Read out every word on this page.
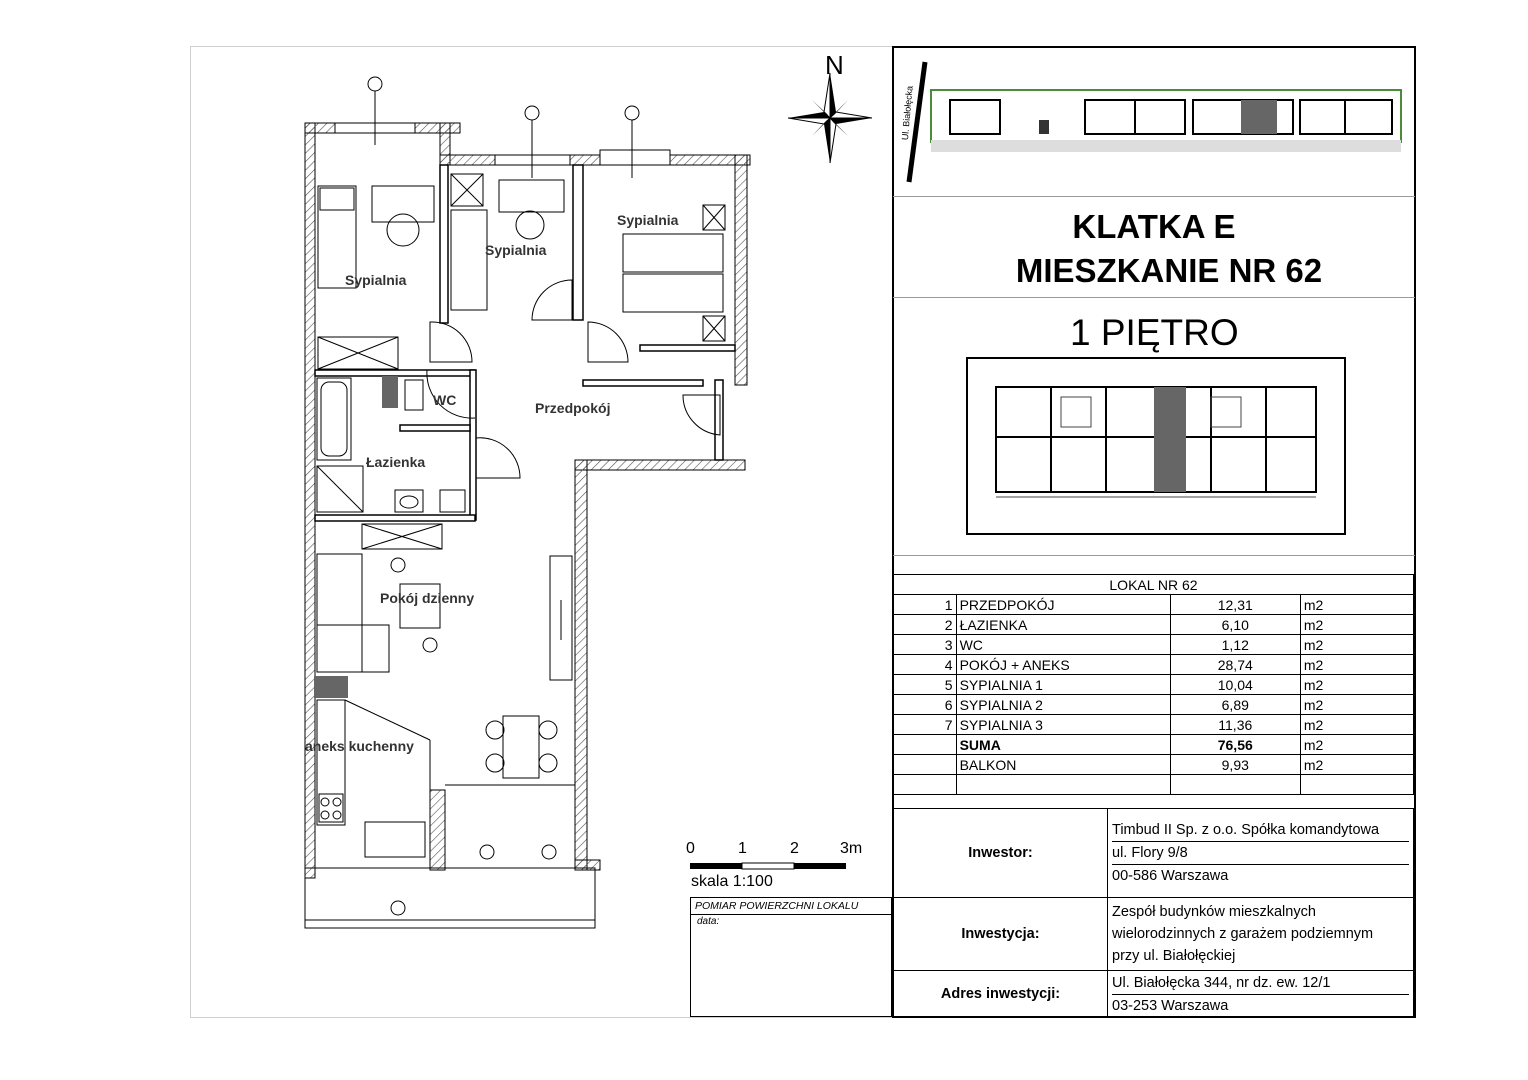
N
Sypialnia
Sypialnia
Sypialnia
WC	Przedpokój
Łazienka
Pokój dzienny
aneks kuchenny
0	1	2	3m
skala 1:100
POMIAR POWIERZCHNI LOKALU
data:
Ul. Białołęcka
KLATKA E
MIESZKANIE NR 62
1 PIĘTRO
LOKAL NR 62			
1	PRZEDPOKÓJ	12,31	m2
2	ŁAZIENKA	6,10	m2
3	WC	1,12	m2
4	POKÓJ + ANEKS	28,74	m2
5	SYPIALNIA 1	10,04	m2
6	SYPIALNIA 2	6,89	m2
7	SYPIALNIA 3	11,36	m2
	SUMA	76,56	m2
	BALKON	9,93	m2

Inwestor:	Timbud II Sp. z o.o. Spółka komandytowa
ul. Flory 9/8
00-586 Warszawa

Inwestycja:	Zespół budynków mieszkalnych
wielorodzinnych z garażem podziemnym
przy ul. Białołęckiej

Adres inwestycji:	Ul. Białołęcka 344, nr dz. ew. 12/1
03-253 Warszawa
